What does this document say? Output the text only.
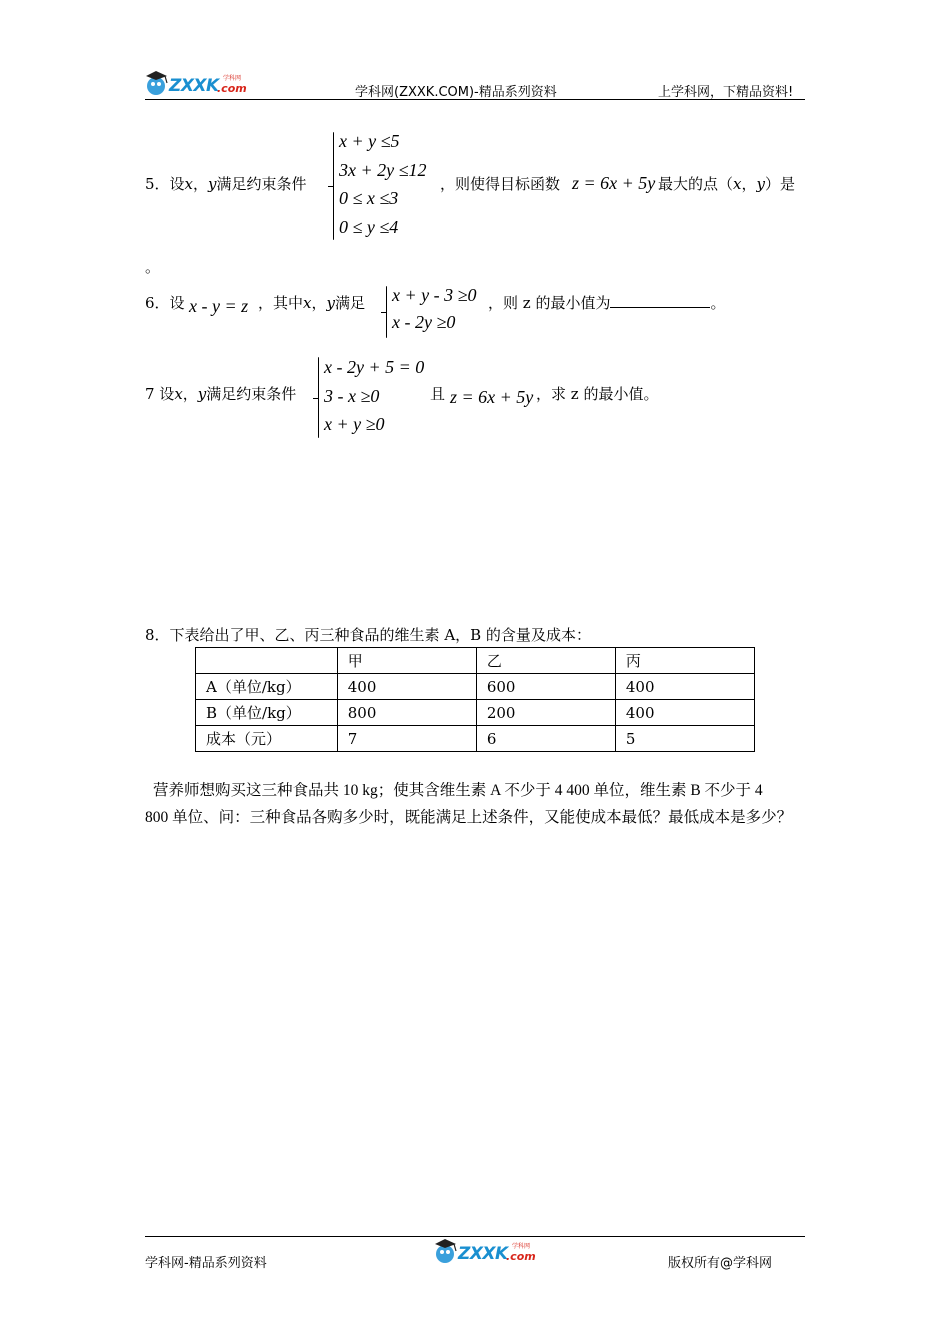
ZXXK
.com
学科网
学科网(ZXXK.COM)-精品系列资料	上学科网，下精品资料!
5．设x，y满足约束条件
x + y ≤5
3x + 2y ≤12
0 ≤ x ≤3
0 ≤ y ≤4
，则使得目标函数 z = 6x + 5y 最大的点（x，y）是
。
6．设 x - y = z ，其中x，y满足 x + y - 3 ≥0
x - 2y ≥0
，则 z 的最小值为	。
7 设x，y满足约束条件
x - 2y + 5 = 0
3 - x ≥0
x + y ≥0
且 z = 6x + 5y ，求 z 的最小值。
8．下表给出了甲、乙、丙三种食品的维生素 A，B 的含量及成本：
	甲	乙	丙
A（单位/kg）	400	600	400
B（单位/kg）	800	200	400
成本（元）	7	6	5
营养师想购买这三种食品共 10 kg；使其含维生素 A 不少于 4 400 单位，维生素 B 不少于 4
800 单位、问：三种食品各购多少时，既能满足上述条件，又能使成本最低？最低成本是多少？
学科网-精品系列资料	ZXXK
.com
学科网
版权所有@学科网
